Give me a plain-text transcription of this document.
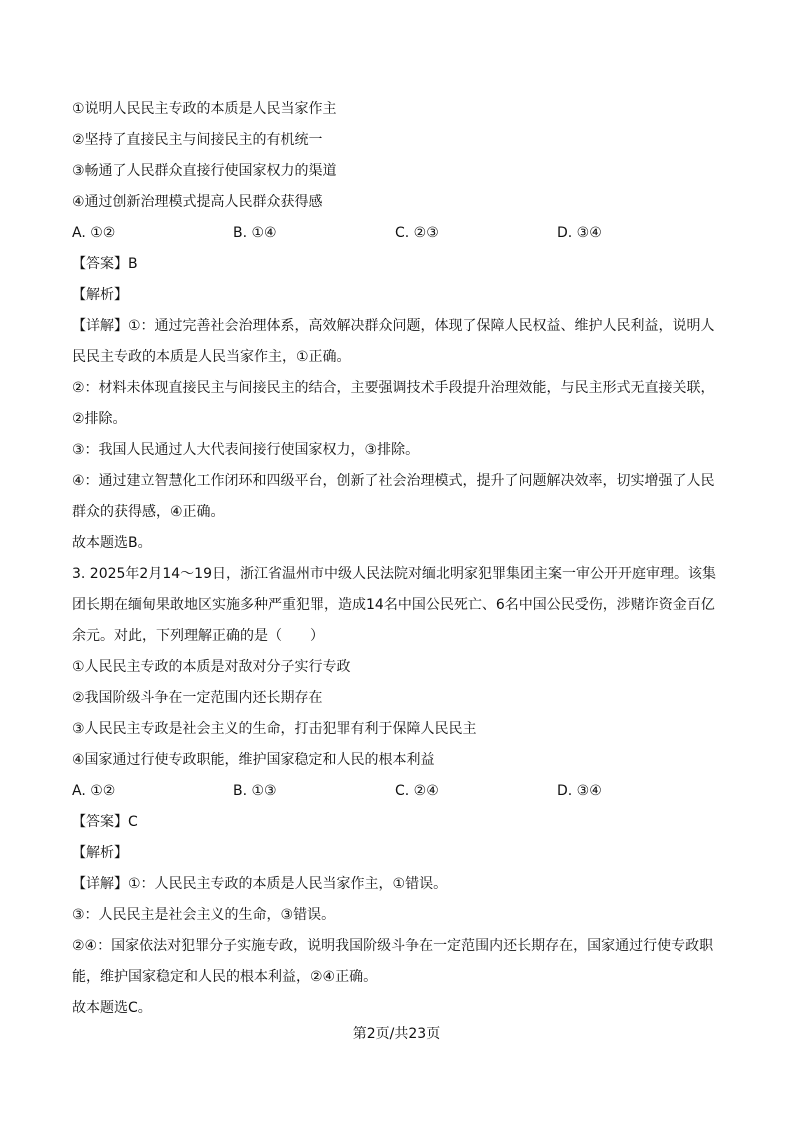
①说明人民民主专政的本质是人民当家作主

②坚持了直接民主与间接民主的有机统一

③畅通了人民群众直接行使国家权力的渠道

④通过创新治理模式提高人民群众获得感

A. ①②	B. ①④	C. ②③	D. ③④

【答案】B

【解析】

【详解】①：通过完善社会治理体系，高效解决群众问题，体现了保障人民权益、维护人民利益，说明人民民主专政的本质是人民当家作主，①正确。

②：材料未体现直接民主与间接民主的结合，主要强调技术手段提升治理效能，与民主形式无直接关联，②排除。

③：我国人民通过人大代表间接行使国家权力，③排除。

④：通过建立智慧化工作闭环和四级平台，创新了社会治理模式，提升了问题解决效率，切实增强了人民群众的获得感，④正确。

故本题选B。

3. 2025年2月14～19日，浙江省温州市中级人民法院对缅北明家犯罪集团主案一审公开开庭审理。该集团长期在缅甸果敢地区实施多种严重犯罪，造成14名中国公民死亡、6名中国公民受伤，涉赌诈资金百亿余元。对此，下列理解正确的是（　　）

①人民民主专政的本质是对敌对分子实行专政

②我国阶级斗争在一定范围内还长期存在

③人民民主专政是社会主义的生命，打击犯罪有利于保障人民民主

④国家通过行使专政职能，维护国家稳定和人民的根本利益

A. ①②	B. ①③	C. ②④	D. ③④

【答案】C

【解析】

【详解】①：人民民主专政的本质是人民当家作主，①错误。

③：人民民主是社会主义的生命，③错误。

②④：国家依法对犯罪分子实施专政，说明我国阶级斗争在一定范围内还长期存在，国家通过行使专政职能，维护国家稳定和人民的根本利益，②④正确。

故本题选C。

第2页/共23页
